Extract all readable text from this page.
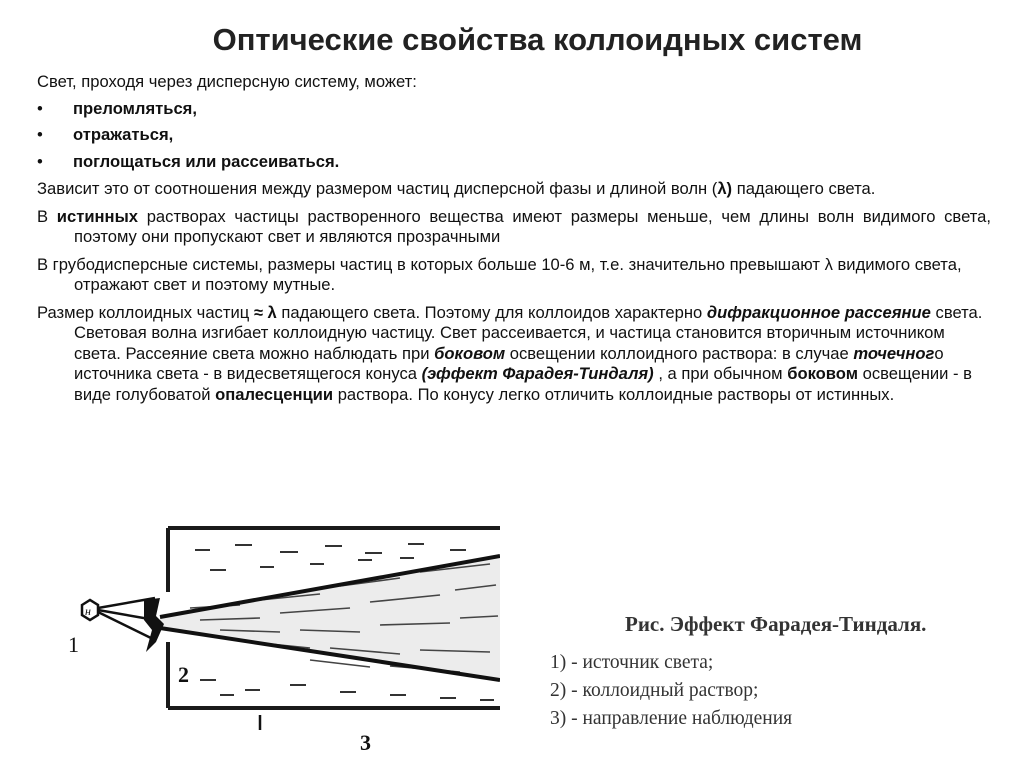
Оптические свойства коллоидных систем

Свет, проходя через дисперсную систему, может:

• преломляться,
• отражаться,
• поглощаться или рассеиваться.

Зависит это от соотношения между размером частиц дисперсной фазы и длиной волн (λ) падающего света.

В истинных растворах частицы растворенного вещества имеют размеры меньше, чем длины волн видимого света, поэтому они пропускают свет и являются прозрачными

В грубодисперсные системы, размеры частиц в которых больше 10-6 м, т.е. значительно превышают λ видимого света, отражают свет и поэтому мутные.

Размер коллоидных частиц ≈ λ падающего света. Поэтому для коллоидов характерно дифракционное рассеяние света. Световая волна изгибает коллоидную частицу. Свет рассеивается, и частица становится вторичным источником света. Рассеяние света можно наблюдать при боковом освещении коллоидного раствора: в случае точечного источника света - в видесветящегося конуса (эффект Фарадея-Тиндаля) , а при обычном боковом освещении - в виде голубоватой опалесценции раствора. По конусу легко отличить коллоидные растворы от истинных.

н
1
2
3
Рис. Эффект Фарадея-Тиндаля.
1) - источник света;
2) - коллоидный раствор;
3) - направление наблюдения
